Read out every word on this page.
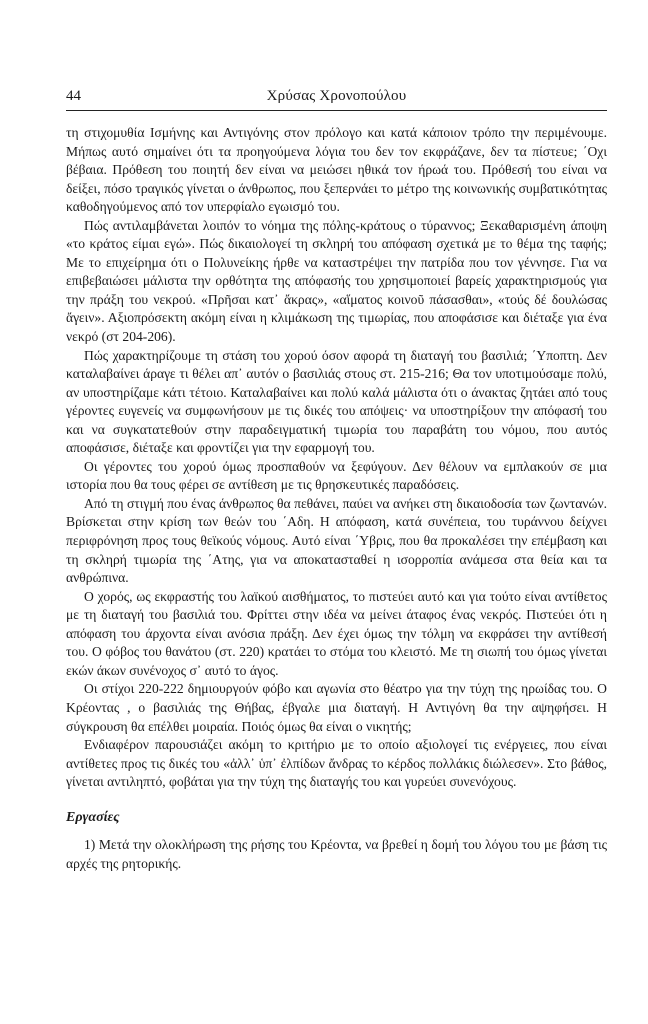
44	Χρύσας Χρονοπούλου

τη στιχομυθία Ισμήνης και Αντιγόνης στον πρόλογο και κατά κάποιον τρόπο την περιμένουμε. Μήπως αυτό σημαίνει ότι τα προηγούμενα λόγια του δεν τον εκφράζανε, δεν τα πίστευε; ΄Οχι βέβαια. Πρόθεση του ποιητή δεν είναι να μειώσει ηθικά τον ήρωά του. Πρόθεσή του είναι να δείξει, πόσο τραγικός γίνεται ο άνθρωπος, που ξεπερνάει το μέτρο της κοινωνικής συμβατικότητας καθοδηγούμενος από τον υπερφίαλο εγωισμό του.

Πώς αντιλαμβάνεται λοιπόν το νόημα της πόλης-κράτους ο τύραννος; Ξεκαθαρισμένη άποψη «το κράτος είμαι εγώ». Πώς δικαιολογεί τη σκληρή του απόφαση σχετικά με το θέμα της ταφής; Με το επιχείρημα ότι ο Πολυνείκης ήρθε να καταστρέψει την πατρίδα που τον γέννησε. Για να επιβεβαιώσει μάλιστα την ορθότητα της απόφασής του χρησιμοποιεί βαρείς χαρακτηρισμούς για την πράξη του νεκρού. «Πρῆσαι κατ᾽ ἄκρας», «αἵματος κοινοῦ πάσασθαι», «τούς δέ δουλώσας ἄγειν». Αξιοπρόσεκτη ακόμη είναι η κλιμάκωση της τιμωρίας, που αποφάσισε και διέταξε για ένα νεκρό (στ 204-206).

Πώς χαρακτηρίζουμε τη στάση του χορού όσον αφορά τη διαταγή του βασιλιά; ΄Υποπτη. Δεν καταλαβαίνει άραγε τι θέλει απ᾽ αυτόν ο βασιλιάς στους στ. 215-216; Θα τον υποτιμούσαμε πολύ, αν υποστηρίζαμε κάτι τέτοιο. Καταλαβαίνει και πολύ καλά μάλιστα ότι ο άνακτας ζητάει από τους γέροντες ευγενείς να συμφωνήσουν με τις δικές του απόψεις· να υποστηρίξουν την απόφασή του και να συγκατατεθούν στην παραδειγματική τιμωρία του παραβάτη του νόμου, που αυτός αποφάσισε, διέταξε και φροντίζει για την εφαρμογή του.

Οι γέροντες του χορού όμως προσπαθούν να ξεφύγουν. Δεν θέλουν να εμπλακούν σε μια ιστορία που θα τους φέρει σε αντίθεση με τις θρησκευτικές παραδόσεις.

Από τη στιγμή που ένας άνθρωπος θα πεθάνει, παύει να ανήκει στη δικαιοδοσία των ζωντανών. Βρίσκεται στην κρίση των θεών του ΄Αδη. Η απόφαση, κατά συνέπεια, του τυράννου δείχνει περιφρόνηση προς τους θεϊκούς νόμους. Αυτό είναι ΄Υβρις, που θα προκαλέσει την επέμβαση και τη σκληρή τιμωρία της ΄Ατης, για να αποκατασταθεί η ισορροπία ανάμεσα στα θεία και τα ανθρώπινα.

Ο χορός, ως εκφραστής του λαϊκού αισθήματος, το πιστεύει αυτό και για τούτο είναι αντίθετος με τη διαταγή του βασιλιά του. Φρίττει στην ιδέα να μείνει άταφος ένας νεκρός. Πιστεύει ότι η απόφαση του άρχοντα είναι ανόσια πράξη. Δεν έχει όμως την τόλμη να εκφράσει την αντίθεσή του. Ο φόβος του θανάτου (στ. 220) κρατάει το στόμα του κλειστό. Με τη σιωπή του όμως γίνεται εκών άκων συνένοχος σ᾽ αυτό το άγος.

Οι στίχοι 220-222 δημιουργούν φόβο και αγωνία στο θέατρο για την τύχη της ηρωίδας του. Ο Κρέοντας , ο βασιλιάς της Θήβας, έβγαλε μια διαταγή. Η Αντιγόνη θα την αψηφήσει. Η σύγκρουση θα επέλθει μοιραία. Ποιός όμως θα είναι ο νικητής;

Ενδιαφέρον παρουσιάζει ακόμη το κριτήριο με το οποίο αξιολογεί τις ενέργειες, που είναι αντίθετες προς τις δικές του «ἀλλ᾽ ὑπ᾽ ἐλπίδων ἄνδρας το κέρδος πολλάκις διώλεσεν». Στο βάθος, γίνεται αντιληπτό, φοβάται για την τύχη της διαταγής του και γυρεύει συνενόχους.

Εργασίες

1) Μετά την ολοκλήρωση της ρήσης του Κρέοντα, να βρεθεί η δομή του λόγου του με βάση τις αρχές της ρητορικής.
